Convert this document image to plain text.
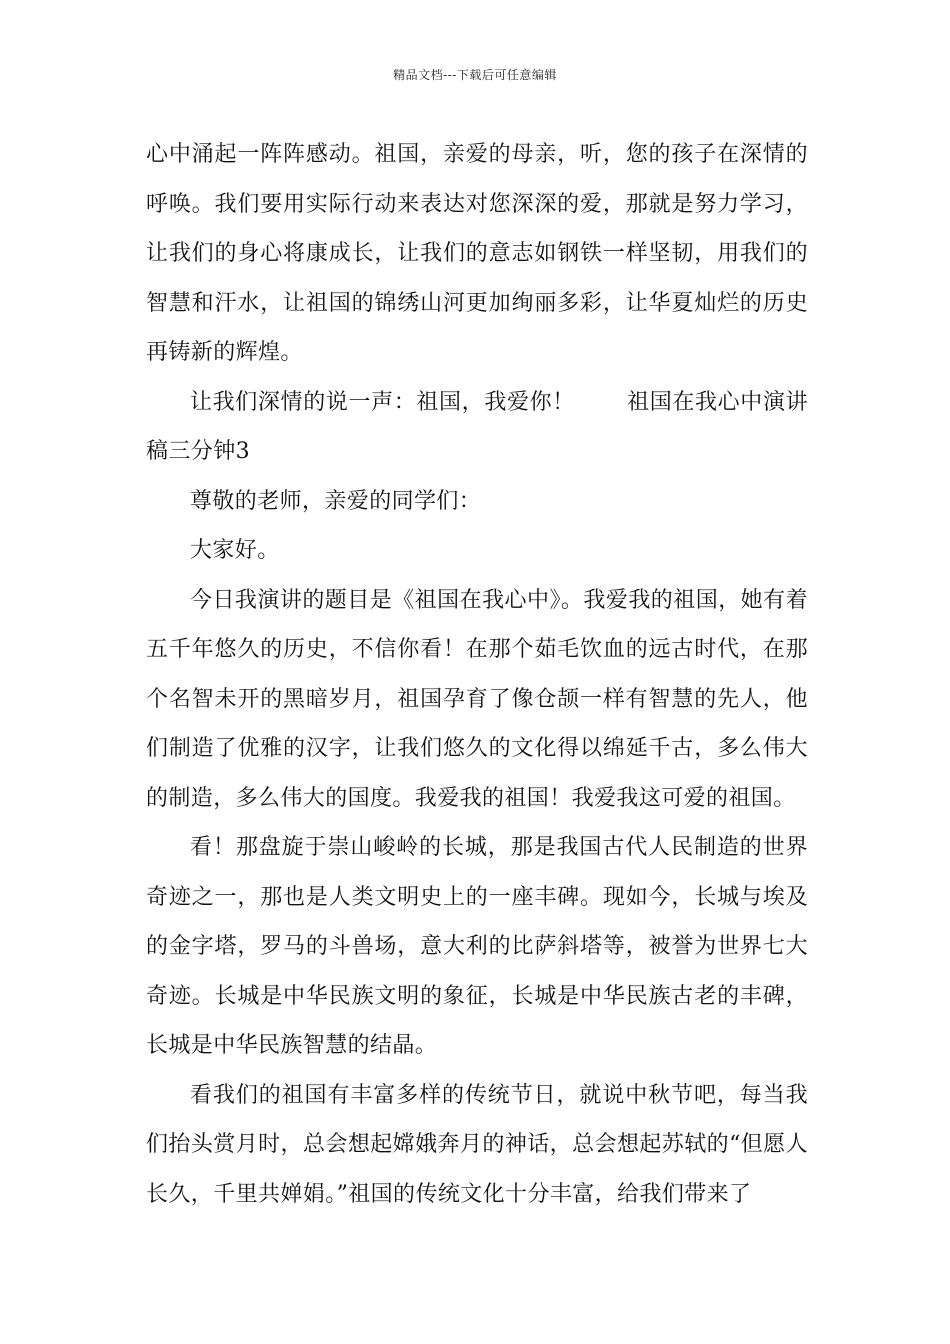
精品文档---下载后可任意编辑

心中涌起一阵阵感动。祖国，亲爱的母亲，听，您的孩子在深情的呼唤。我们要用实际行动来表达对您深深的爱，那就是努力学习，让我们的身心将康成长，让我们的意志如钢铁一样坚韧，用我们的智慧和汗水，让祖国的锦绣山河更加绚丽多彩，让华夏灿烂的历史再铸新的辉煌。

让我们深情的说一声：祖国，我爱你！ 祖国在我心中演讲稿三分钟3

尊敬的老师，亲爱的同学们：

大家好。

今日我演讲的题目是《祖国在我心中》。我爱我的祖国，她有着五千年悠久的历史，不信你看！在那个茹毛饮血的远古时代，在那个名智未开的黑暗岁月，祖国孕育了像仓颉一样有智慧的先人，他们制造了优雅的汉字，让我们悠久的文化得以绵延千古，多么伟大的制造，多么伟大的国度。我爱我的祖国！我爱我这可爱的祖国。

看！那盘旋于崇山峻岭的长城，那是我国古代人民制造的世界奇迹之一，那也是人类文明史上的一座丰碑。现如今，长城与埃及的金字塔，罗马的斗兽场，意大利的比萨斜塔等，被誉为世界七大奇迹。长城是中华民族文明的象征，长城是中华民族古老的丰碑，长城是中华民族智慧的结晶。

看我们的祖国有丰富多样的传统节日，就说中秋节吧，每当我们抬头赏月时，总会想起嫦娥奔月的神话，总会想起苏轼的“但愿人长久，千里共婵娟。”祖国的传统文化十分丰富，给我们带来了
